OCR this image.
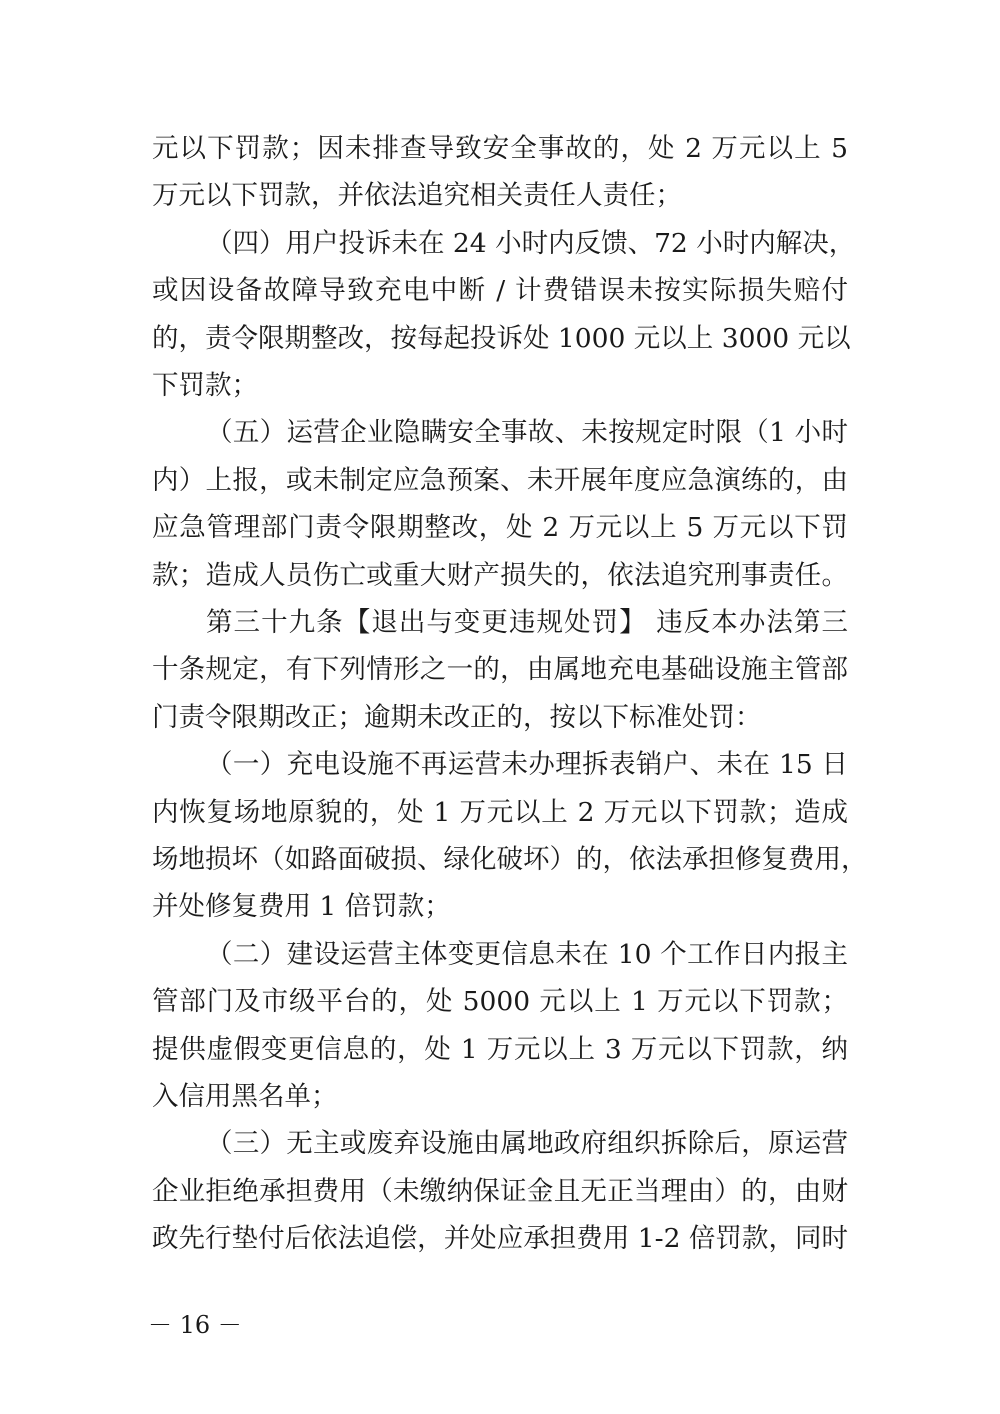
元以下罚款；因未排查导致安全事故的，处 2 万元以上 5
万元以下罚款，并依法追究相关责任人责任；
（四）用户投诉未在 24 小时内反馈、72 小时内解决，
或因设备故障导致充电中断 / 计费错误未按实际损失赔付
的，责令限期整改，按每起投诉处 1000 元以上 3000 元以
下罚款；
（五）运营企业隐瞒安全事故、未按规定时限（1 小时
内）上报，或未制定应急预案、未开展年度应急演练的，由
应急管理部门责令限期整改，处 2 万元以上 5 万元以下罚
款；造成人员伤亡或重大财产损失的，依法追究刑事责任。
第三十九条【退出与变更违规处罚】 违反本办法第三
十条规定，有下列情形之一的，由属地充电基础设施主管部
门责令限期改正；逾期未改正的，按以下标准处罚：
（一）充电设施不再运营未办理拆表销户、未在 15 日
内恢复场地原貌的，处 1 万元以上 2 万元以下罚款；造成
场地损坏（如路面破损、绿化破坏）的，依法承担修复费用，
并处修复费用 1 倍罚款；
（二）建设运营主体变更信息未在 10 个工作日内报主
管部门及市级平台的，处 5000 元以上 1 万元以下罚款；
提供虚假变更信息的，处 1 万元以上 3 万元以下罚款，纳
入信用黑名单；
（三）无主或废弃设施由属地政府组织拆除后，原运营
企业拒绝承担费用（未缴纳保证金且无正当理由）的，由财
政先行垫付后依法追偿，并处应承担费用 1-2 倍罚款，同时
－ 16 －
